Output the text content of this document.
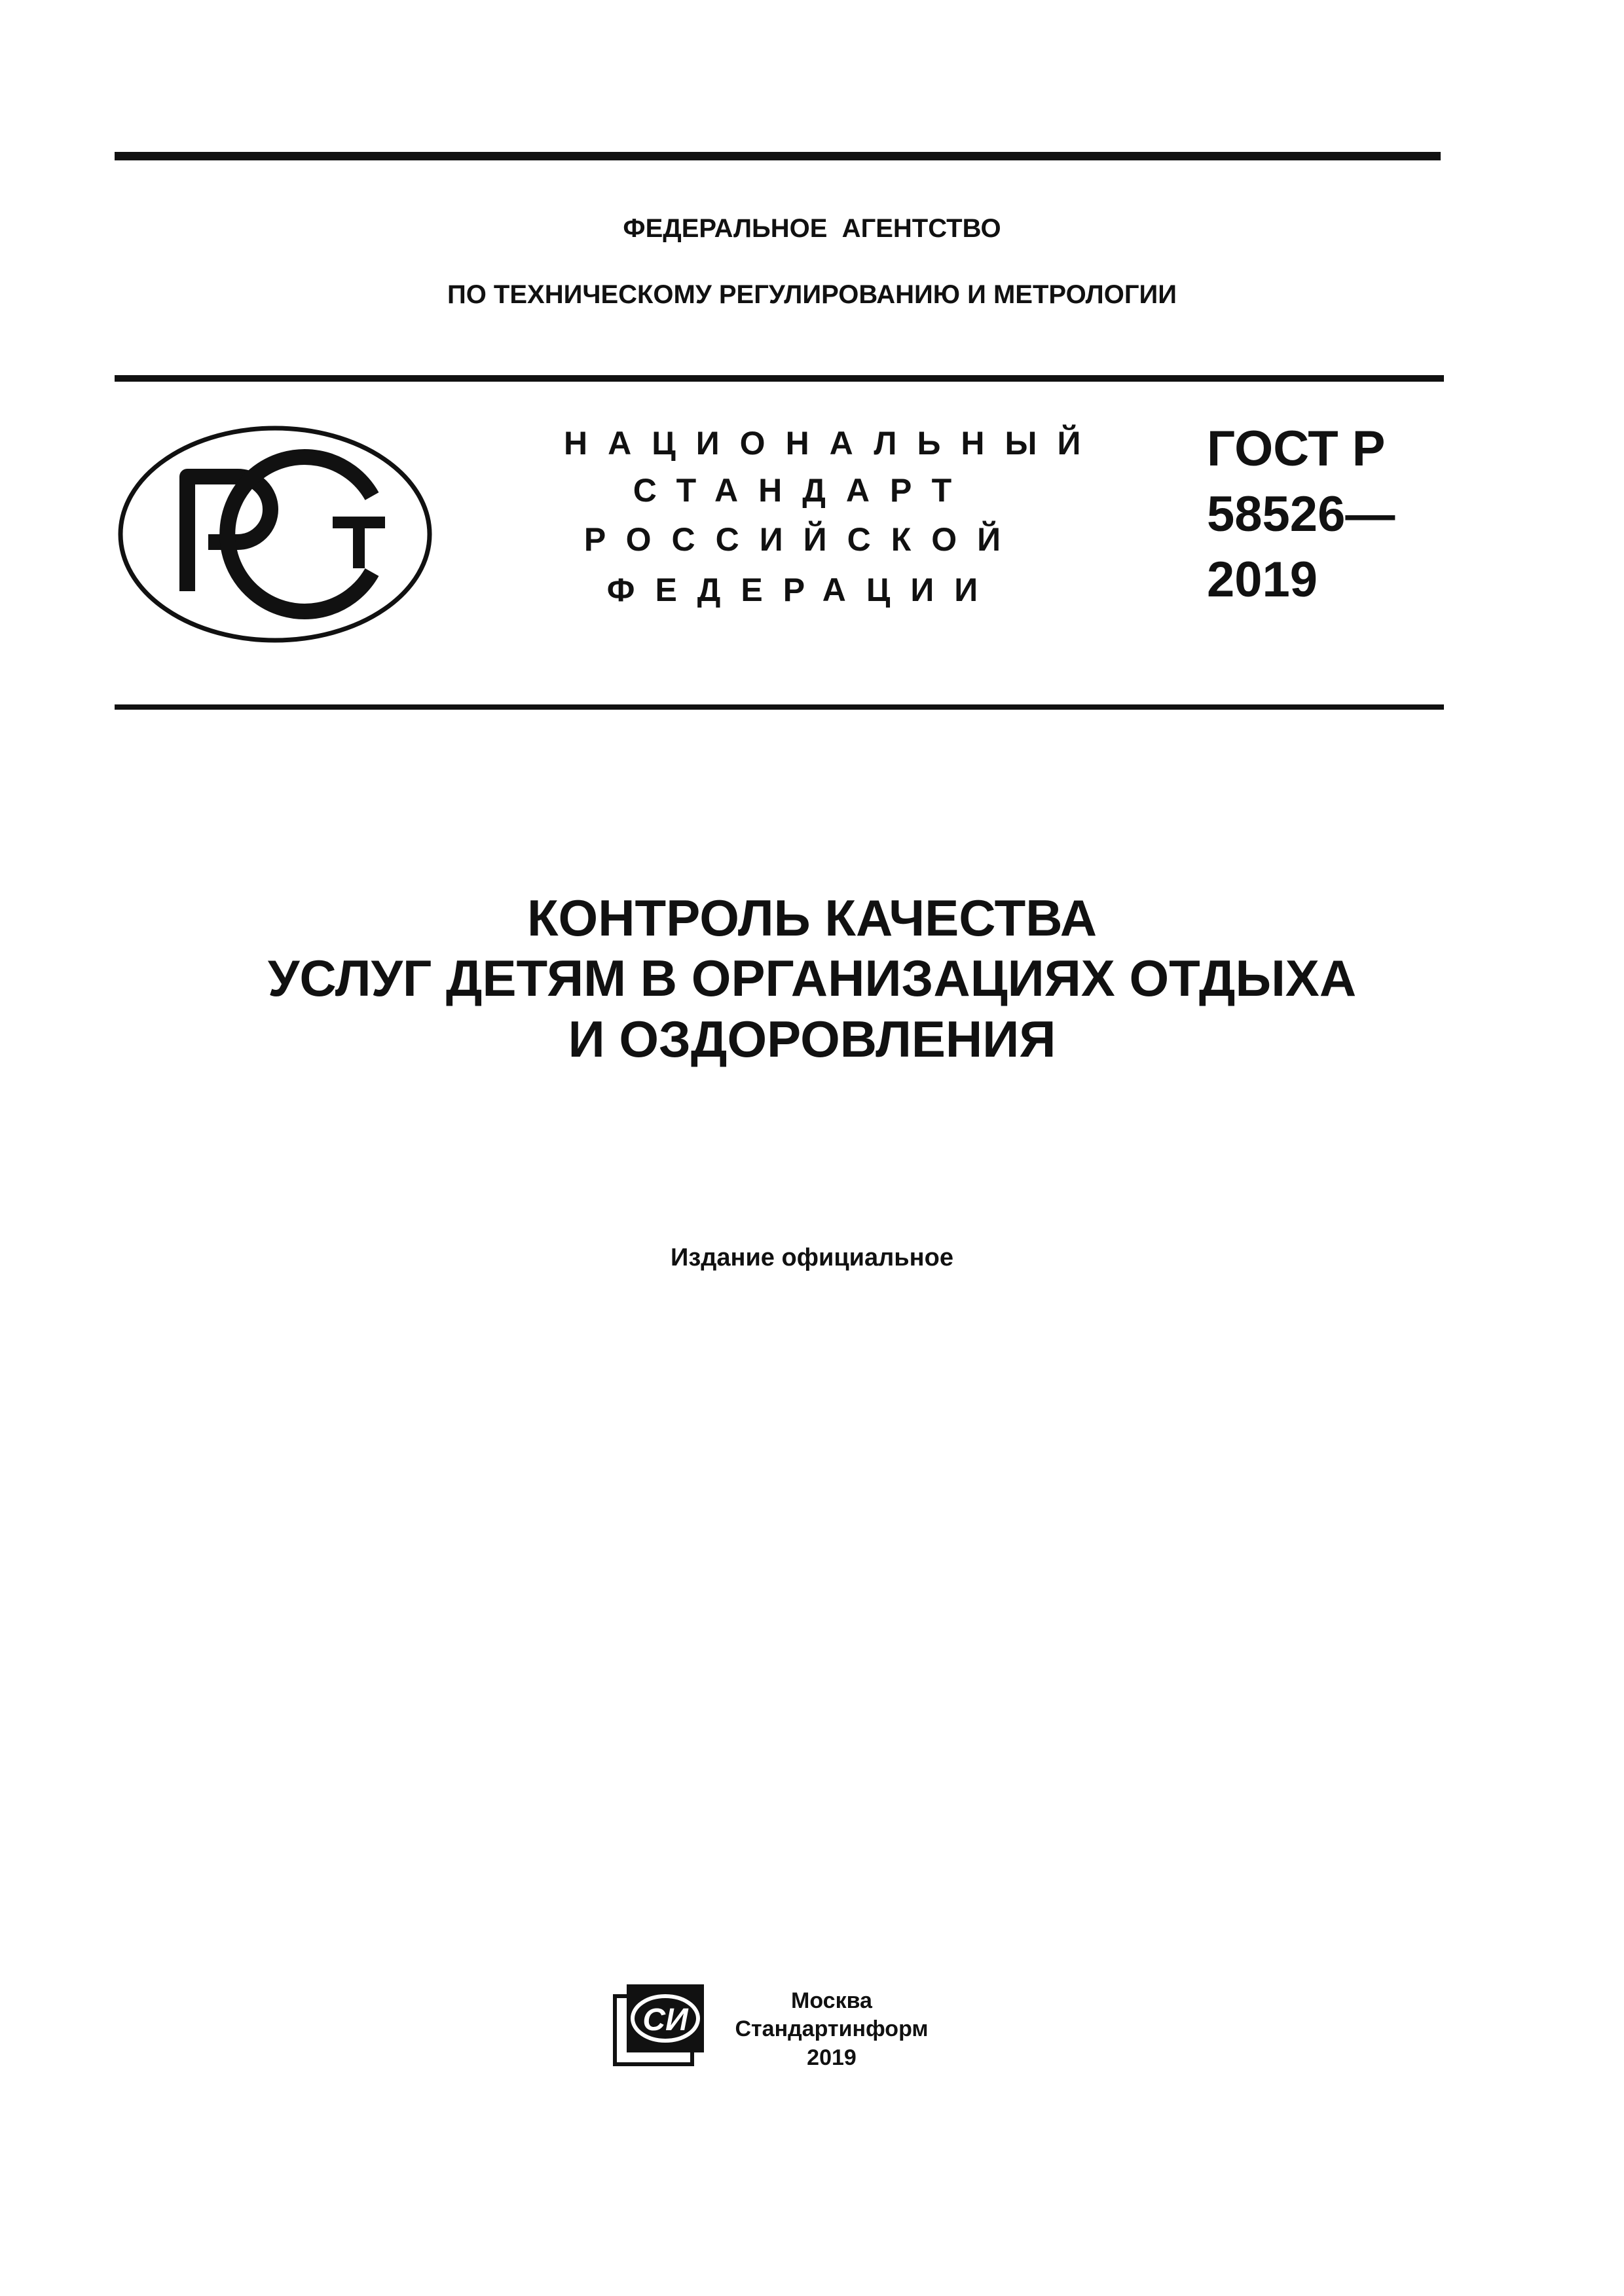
ФЕДЕРАЛЬНОЕ  АГЕНТСТВО
ПО ТЕХНИЧЕСКОМУ РЕГУЛИРОВАНИЮ И МЕТРОЛОГИИ
РСТ
НАЦИОНАЛЬНЫЙ
СТАНДАРТ
РОССИЙСКОЙ
ФЕДЕРАЦИИ
ГОСТ Р
58526—
2019
КОНТРОЛЬ КАЧЕСТВА
УСЛУГ ДЕТЯМ В ОРГАНИЗАЦИЯХ ОТДЫХА
И ОЗДОРОВЛЕНИЯ
Издание официальное
СИ
Москва
Стандартинформ
2019
